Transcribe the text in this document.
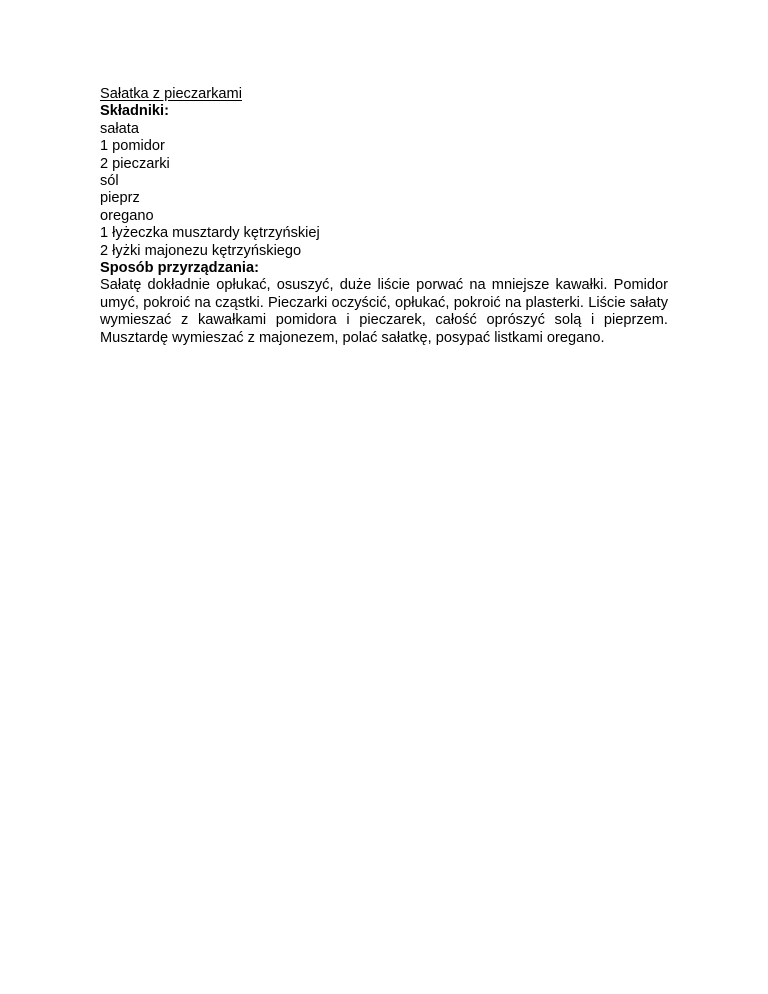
Sałatka z pieczarkami
Składniki:
sałata
1 pomidor
2 pieczarki
sól
pieprz
oregano
1 łyżeczka musztardy kętrzyńskiej
2 łyżki majonezu kętrzyńskiego
Sposób przyrządzania:

Sałatę dokładnie opłukać, osuszyć, duże liście porwać na mniejsze kawałki. Pomidor umyć, pokroić na cząstki. Pieczarki oczyścić, opłukać, pokroić na plasterki. Liście sałaty wymieszać z kawałkami pomidora i pieczarek, całość oprószyć solą i pieprzem. Musztardę wymieszać z majonezem, polać sałatkę, posypać listkami oregano.
